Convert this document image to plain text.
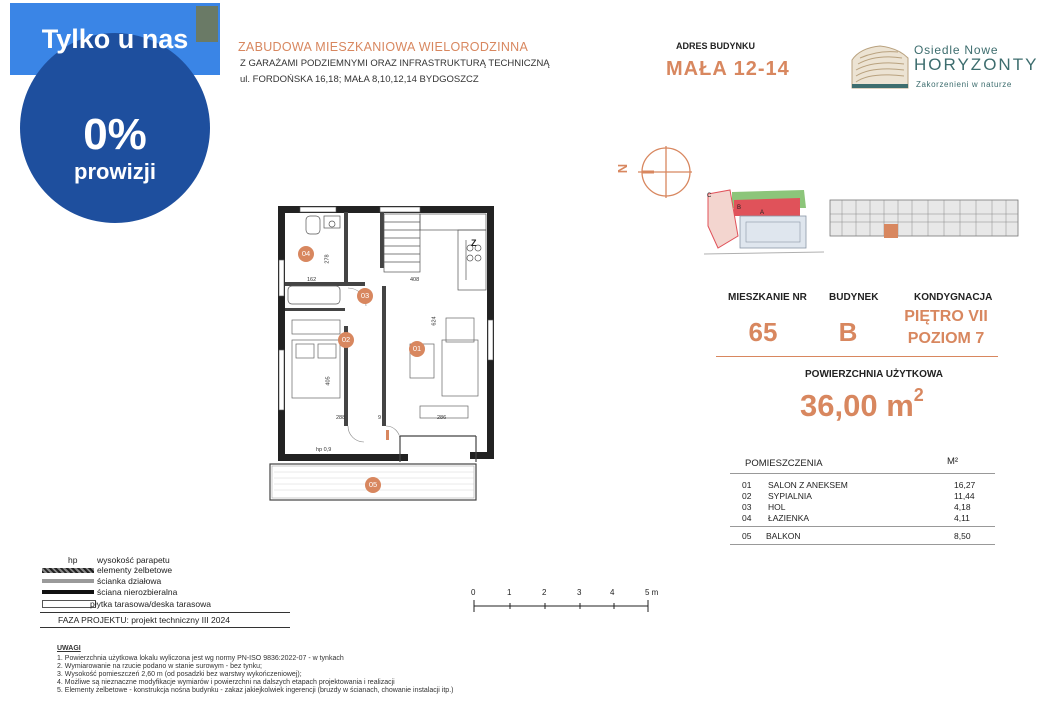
Tylko u nas
0%
prowizji
ZABUDOWA MIESZKANIOWA WIELORODZINNA
Z GARAŻAMI PODZIEMNYMI ORAZ INFRASTRUKTURĄ TECHNICZNĄ
ul. FORDOŃSKA 16,18; MAŁA 8,10,12,14 BYDGOSZCZ
ADRES BUDYNKU
MAŁA 12-14
Osiedle Nowe
HORYZONTY
Zakorzenieni w naturze
N
C
B
A
MIESZKANIE NR
65
BUDYNEK
B
KONDYGNACJA
PIĘTRO VII
POZIOM 7
POWIERZCHNIA UŻYTKOWA
36,00 $m^2$
POMIESZCZENIA	M²
01 SALON Z ANEKSEM	16,27
02 SYPIALNIA	11,44
03 HOL	4,18
04 ŁAZIENKA	4,11
05 BALKON	8,50
01
02
03
04
05
278
162	408
624
405
288	9	286
hp 0,9
Z
hp wysokość parapetu
elementy żelbetowe
ścianka działowa
ściana nierozbieralna
płytka tarasowa/deska tarasowa
FAZA PROJEKTU: projekt techniczny III 2024
0	1	2	3	4	5 m
UWAGI
1. Powierzchnia użytkowa lokalu wyliczona jest wg normy PN-ISO 9836:2022-07 - w tynkach
2. Wymiarowanie na rzucie podano w stanie surowym - bez tynku;
3. Wysokość pomieszczeń 2,60 m (od posadzki bez warstwy wykończeniowej);
4. Możliwe są nieznaczne modyfikacje wymiarów i powierzchni na dalszych etapach projektowania i realizacji
5. Elementy żelbetowe - konstrukcja nośna budynku - zakaz jakiejkolwiek ingerencji (bruzdy w ścianach, chowanie instalacji itp.)
